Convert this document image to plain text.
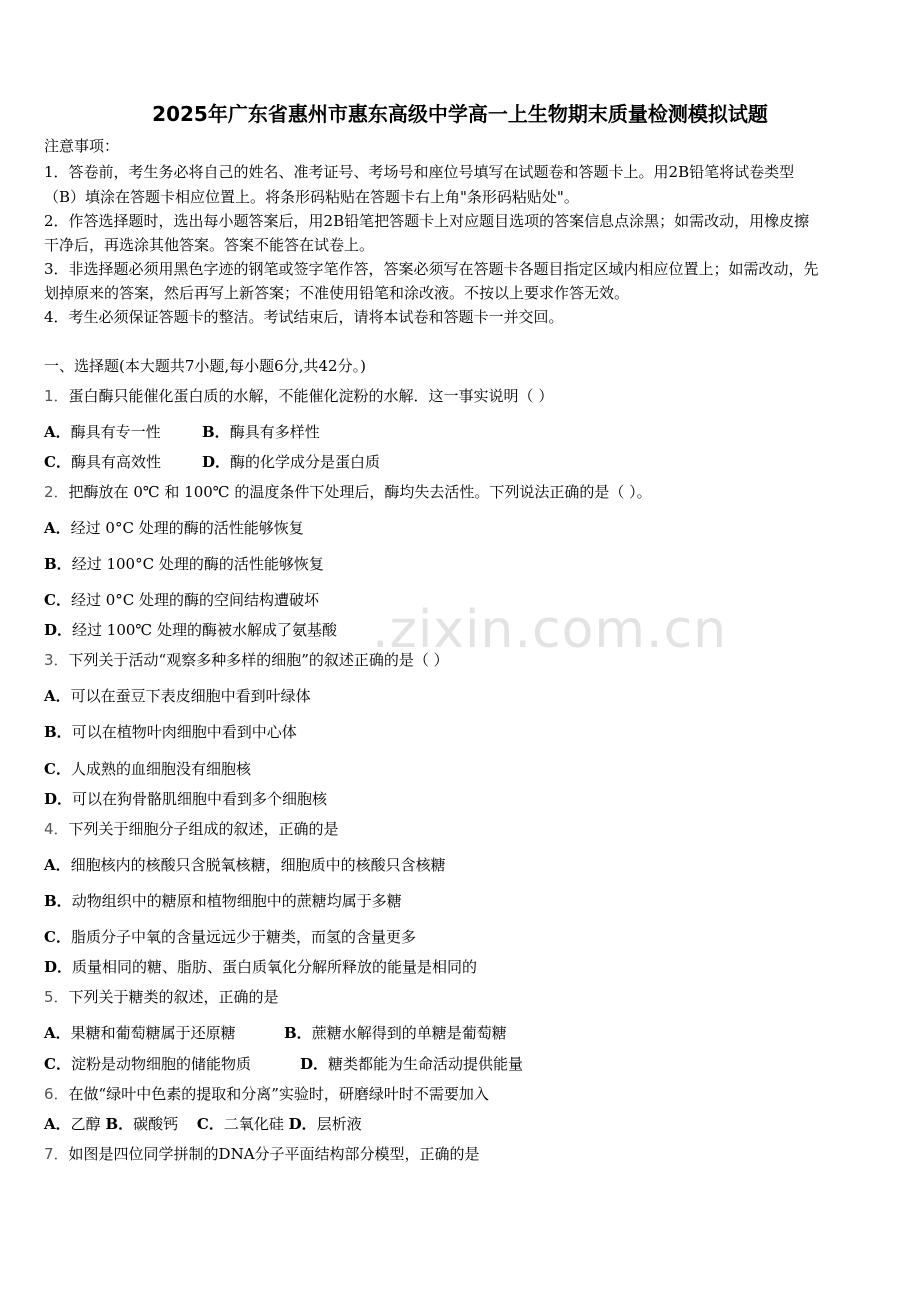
2025年广东省惠州市惠东高级中学高一上生物期末质量检测模拟试题
注意事项：
1．答卷前，考生务必将自己的姓名、准考证号、考场号和座位号填写在试题卷和答题卡上。用2B铅笔将试卷类型
（B）填涂在答题卡相应位置上。将条形码粘贴在答题卡右上角"条形码粘贴处"。
2．作答选择题时，选出每小题答案后，用2B铅笔把答题卡上对应题目选项的答案信息点涂黑；如需改动，用橡皮擦
干净后，再选涂其他答案。答案不能答在试卷上。
3．非选择题必须用黑色字迹的钢笔或签字笔作答，答案必须写在答题卡各题目指定区域内相应位置上；如需改动，先
划掉原来的答案，然后再写上新答案；不准使用铅笔和涂改液。不按以上要求作答无效。
4．考生必须保证答题卡的整洁。考试结束后，请将本试卷和答题卡一并交回。
一、选择题(本大题共7小题,每小题6分,共42分。)
1．蛋白酶只能催化蛋白质的水解，不能催化淀粉的水解．这一事实说明（ ）
A．酶具有专一性	B．酶具有多样性
C．酶具有高效性	D．酶的化学成分是蛋白质
2．把酶放在 0℃ 和 100℃ 的温度条件下处理后，酶均失去活性。下列说法正确的是（ ）。
A．经过 0°C 处理的酶的活性能够恢复
B．经过 100°C 处理的酶的活性能够恢复
C．经过 0°C 处理的酶的空间结构遭破坏
D．经过 100℃ 处理的酶被水解成了氨基酸
3．下列关于活动“观察多种多样的细胞”的叙述正确的是（ ）
A．可以在蚕豆下表皮细胞中看到叶绿体
B．可以在植物叶肉细胞中看到中心体
C．人成熟的血细胞没有细胞核
D．可以在狗骨骼肌细胞中看到多个细胞核
4．下列关于细胞分子组成的叙述，正确的是
A．细胞核内的核酸只含脱氧核糖，细胞质中的核酸只含核糖
B．动物组织中的糖原和植物细胞中的蔗糖均属于多糖
C．脂质分子中氧的含量远远少于糖类，而氢的含量更多
D．质量相同的糖、脂肪、蛋白质氧化分解所释放的能量是相同的
5．下列关于糖类的叙述，正确的是
A．果糖和葡萄糖属于还原糖	B．蔗糖水解得到的单糖是葡萄糖
C．淀粉是动物细胞的储能物质	D．糖类都能为生命活动提供能量
6．在做“绿叶中色素的提取和分离”实验时，研磨绿叶时不需要加入
A．乙醇 B．碳酸钙 C．二氧化硅 D．层析液
7．如图是四位同学拼制的DNA分子平面结构部分模型，正确的是
.zixin.com.cn
